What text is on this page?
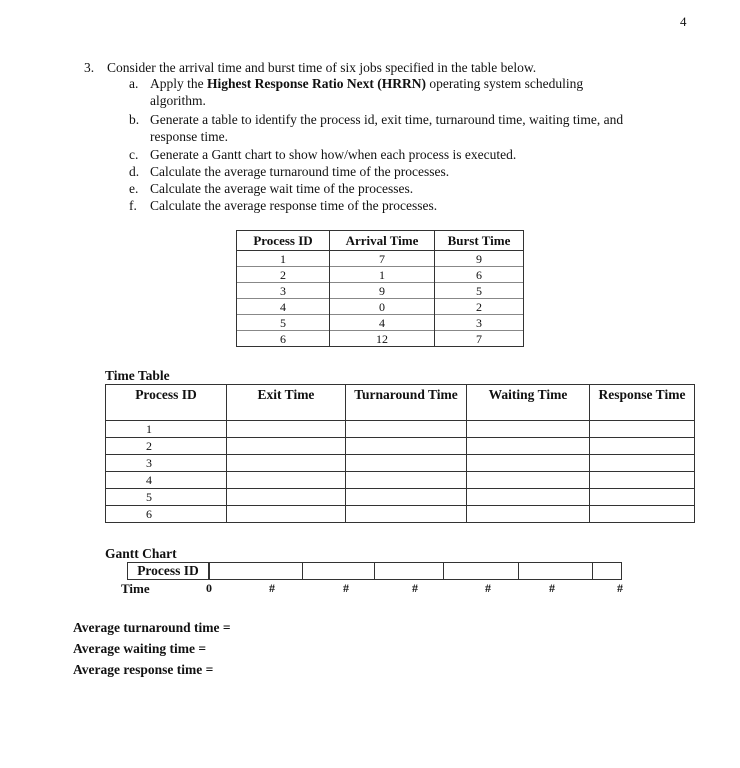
4
3. Consider the arrival time and burst time of six jobs specified in the table below.
a. Apply the Highest Response Ratio Next (HRRN) operating system scheduling
algorithm.
b. Generate a table to identify the process id, exit time, turnaround time, waiting time, and
response time.
c. Generate a Gantt chart to show how/when each process is executed.
d. Calculate the average turnaround time of the processes.
e. Calculate the average wait time of the processes.
f. Calculate the average response time of the processes.
Process ID	Arrival Time	Burst Time
1	7	9
2	1	6
3	9	5
4	0	2
5	4	3
6	12	7
Time Table
Process ID	Exit Time	Turnaround Time	Waiting Time	Response Time
1				
2				
3				
4				
5				
6				
Gantt Chart
Process ID
Time	0	#	#	#	#	#	#
Average turnaround time =
Average waiting time =
Average response time =
